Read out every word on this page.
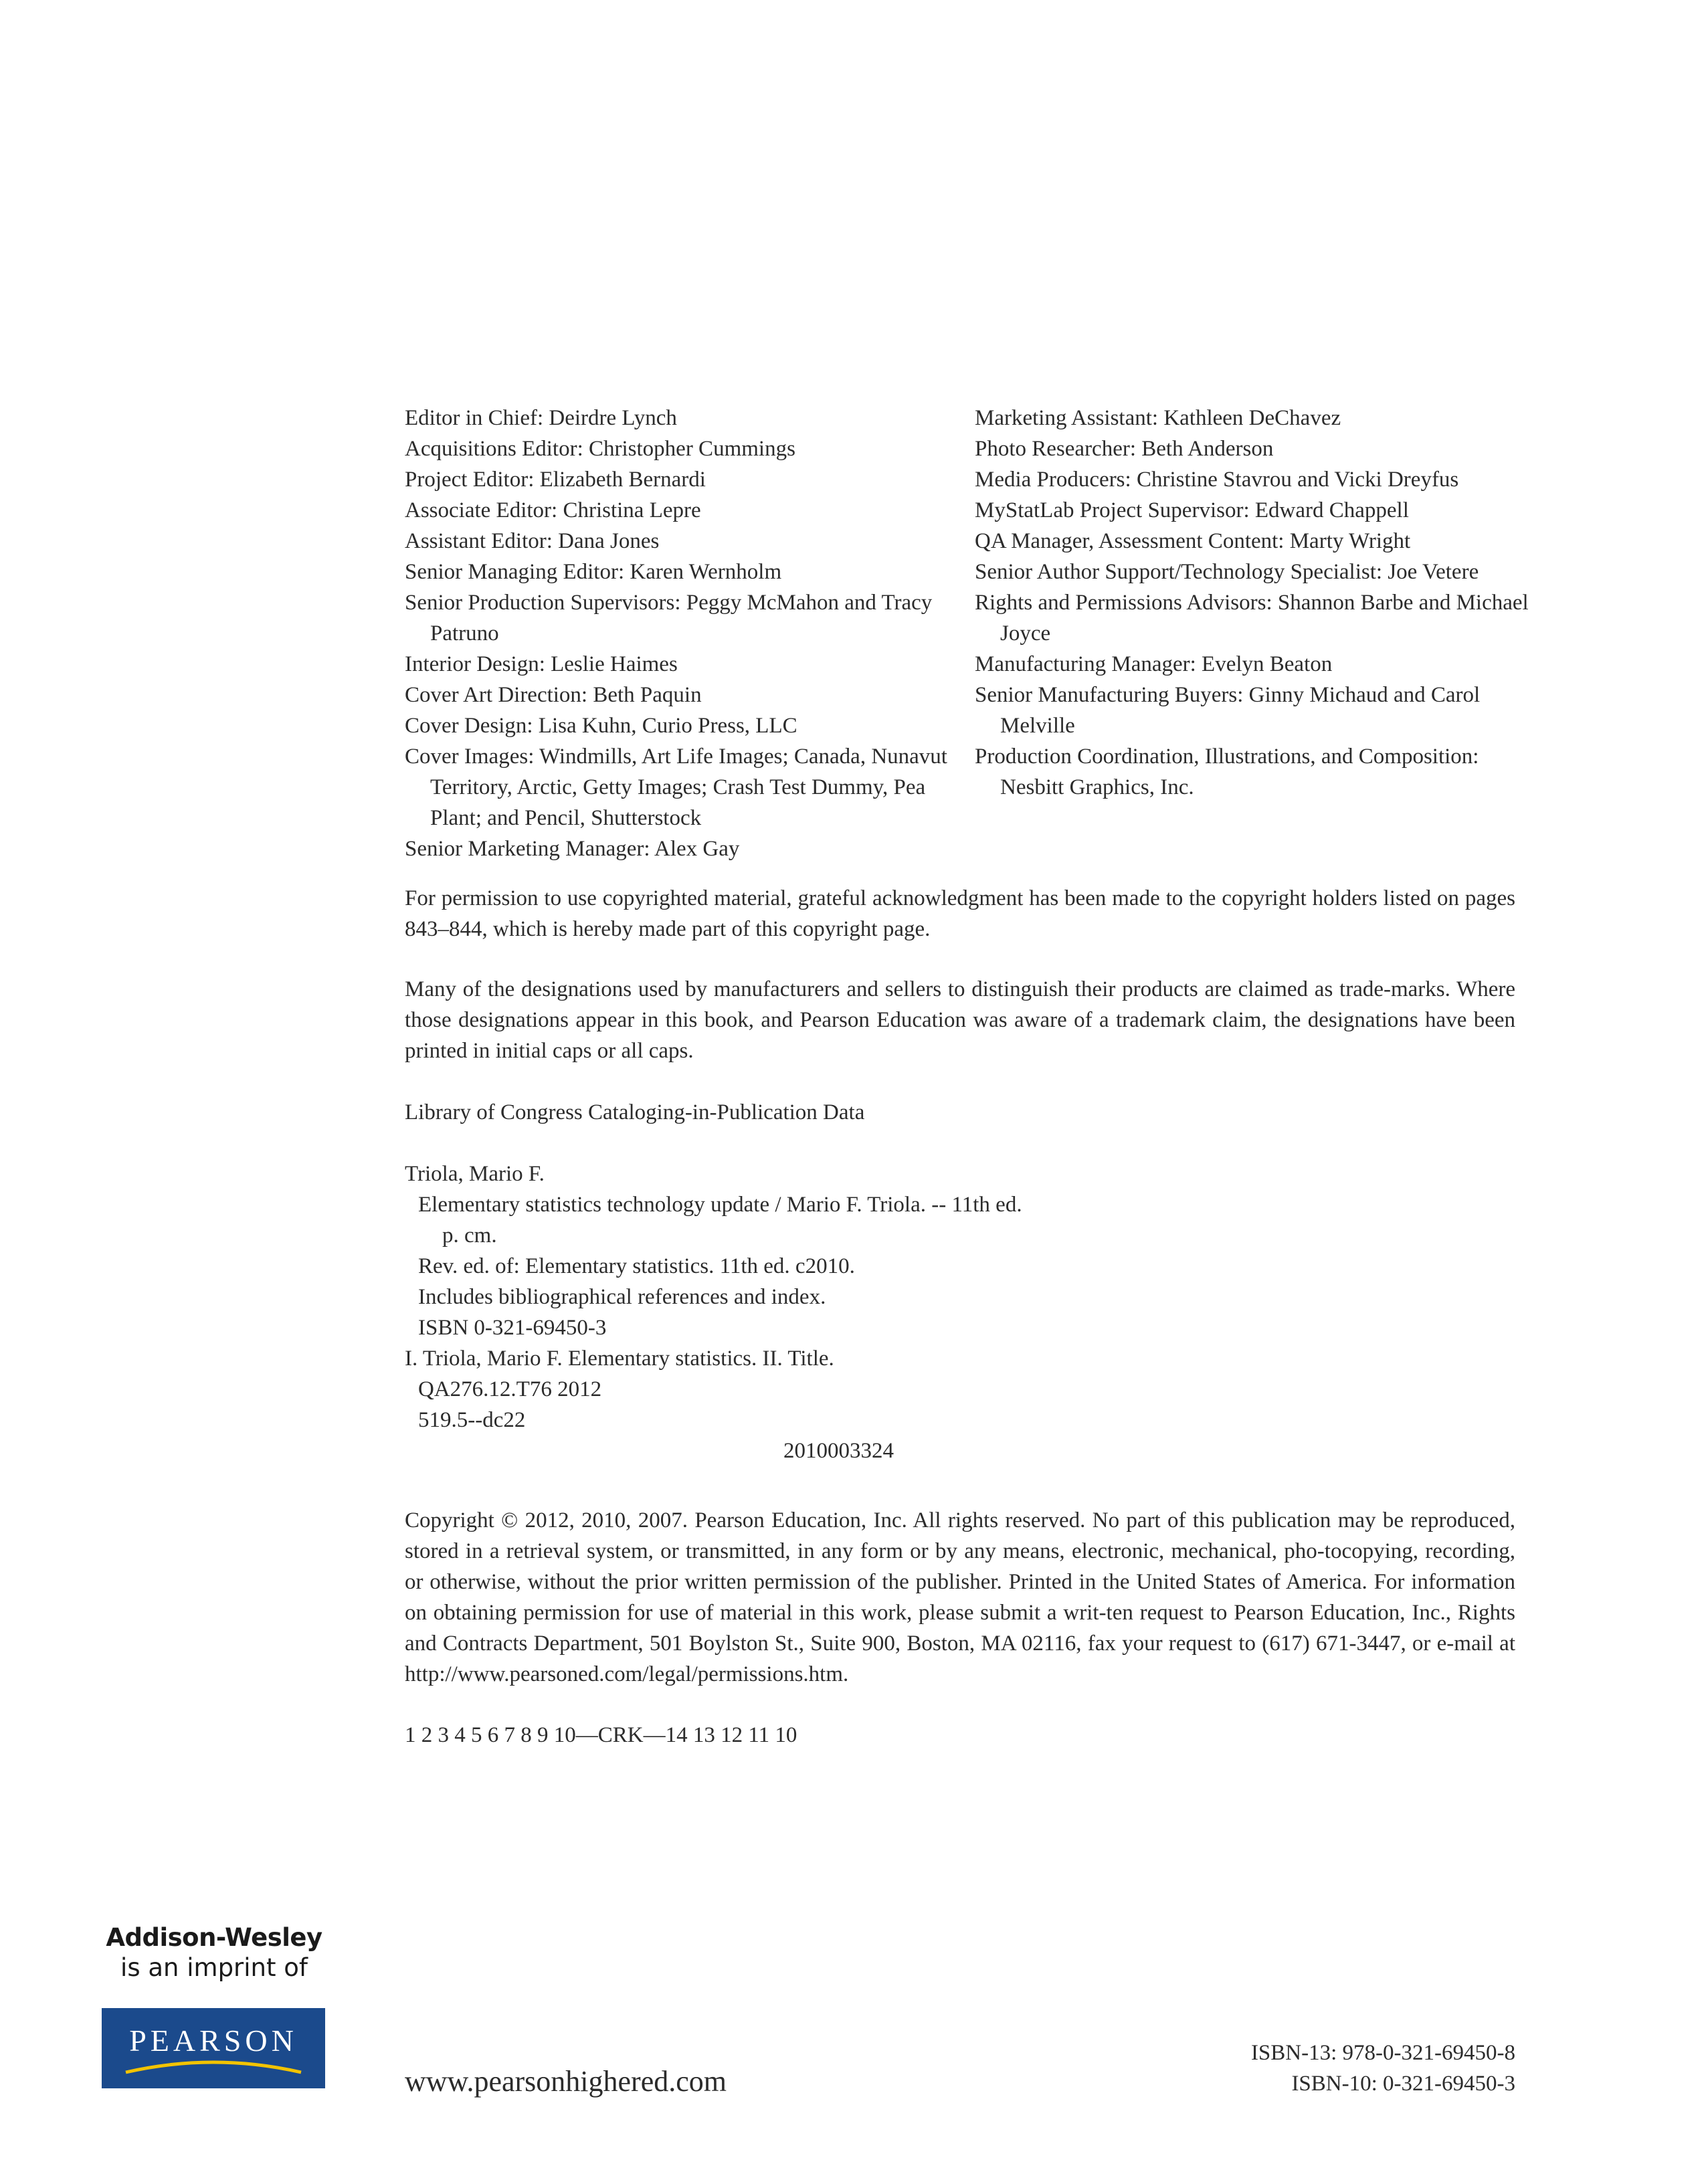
Editor in Chief: Deirdre Lynch
Acquisitions Editor: Christopher Cummings
Project Editor: Elizabeth Bernardi
Associate Editor: Christina Lepre
Assistant Editor: Dana Jones
Senior Managing Editor: Karen Wernholm
Senior Production Supervisors: Peggy McMahon and Tracy Patruno
Interior Design: Leslie Haimes
Cover Art Direction: Beth Paquin
Cover Design: Lisa Kuhn, Curio Press, LLC
Cover Images: Windmills, Art Life Images; Canada, Nunavut Territory, Arctic, Getty Images; Crash Test Dummy, Pea Plant; and Pencil, Shutterstock
Senior Marketing Manager: Alex Gay
Marketing Assistant: Kathleen DeChavez
Photo Researcher: Beth Anderson
Media Producers: Christine Stavrou and Vicki Dreyfus
MyStatLab Project Supervisor: Edward Chappell
QA Manager, Assessment Content: Marty Wright
Senior Author Support/Technology Specialist: Joe Vetere
Rights and Permissions Advisors: Shannon Barbe and Michael Joyce
Manufacturing Manager: Evelyn Beaton
Senior Manufacturing Buyers: Ginny Michaud and Carol Melville
Production Coordination, Illustrations, and Composition: Nesbitt Graphics, Inc.
For permission to use copyrighted material, grateful acknowledgment has been made to the copyright holders listed on pages 843–844, which is hereby made part of this copyright page.
Many of the designations used by manufacturers and sellers to distinguish their products are claimed as trade-marks. Where those designations appear in this book, and Pearson Education was aware of a trademark claim, the designations have been printed in initial caps or all caps.
Library of Congress Cataloging-in-Publication Data
Triola, Mario F.
Elementary statistics technology update / Mario F. Triola. -- 11th ed.
p. cm.
Rev. ed. of: Elementary statistics. 11th ed. c2010.
Includes bibliographical references and index.
ISBN 0-321-69450-3
I. Triola, Mario F. Elementary statistics. II. Title.
QA276.12.T76 2012
519.5--dc22
2010003324
Copyright © 2012, 2010, 2007. Pearson Education, Inc. All rights reserved. No part of this publication may be reproduced, stored in a retrieval system, or transmitted, in any form or by any means, electronic, mechanical, pho-tocopying, recording, or otherwise, without the prior written permission of the publisher. Printed in the United States of America. For information on obtaining permission for use of material in this work, please submit a writ-ten request to Pearson Education, Inc., Rights and Contracts Department, 501 Boylston St., Suite 900, Boston, MA 02116, fax your request to (617) 671-3447, or e-mail at http://www.pearsoned.com/legal/permissions.htm.
1 2 3 4 5 6 7 8 9 10—CRK—14 13 12 11 10
Addison-Wesley
is an imprint of
PEARSON
www.pearsonhighered.com
ISBN-13: 978-0-321-69450-8
ISBN-10: 0-321-69450-3
